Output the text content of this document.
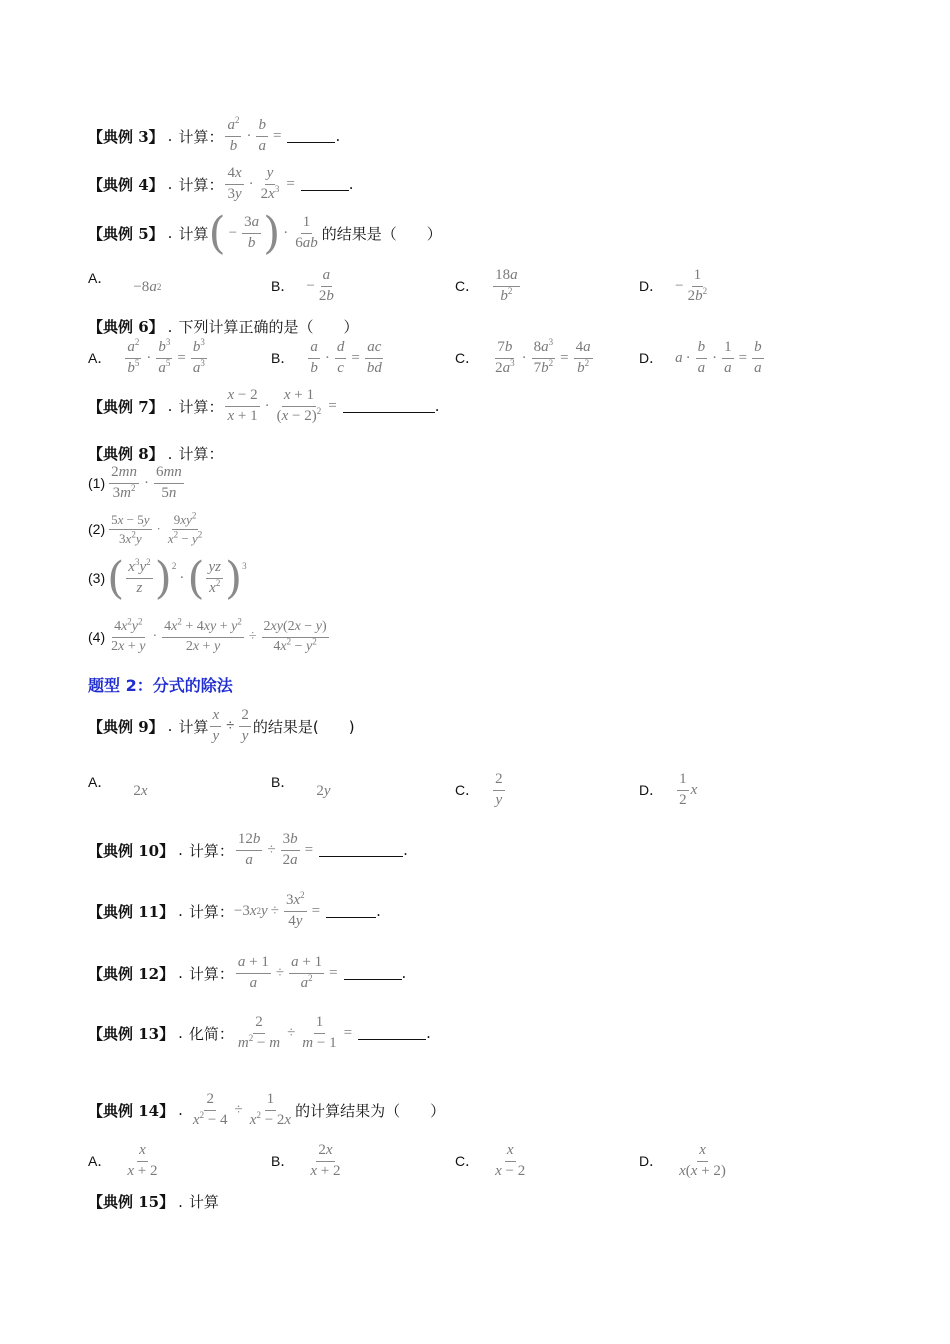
【典例 3】 . 计算： $\frac{a^2}{b} \cdot \frac{b}{a}$ =	.
【典例 4】 . 计算： $\frac{4x}{3y} \cdot \frac{y}{2x^3}$ =	.
【典例 5】 . 计算 ( − $\frac{3a}{b}$ ) · $\frac{1}{6ab}$ 的结果是（　　）
A．
−8 a 2	B． − $\frac{a}{2b}$	C． $\frac{18a}{b^2}$	D． − $\frac{1}{2b^2}$
【典例 6】 . 下列计算正确的是（　　）
A． $\frac{a^2}{b^5} \cdot \frac{b^3}{a^5} = \frac{b^3}{a^3}$	B． $\frac{a}{b} \cdot \frac{d}{c} = \frac{ac}{bd}$	C． $\frac{7b}{2a^3} \cdot \frac{8a^3}{7b^2} = \frac{4a}{b^2}$	D． $a \cdot \frac{b}{a} \cdot \frac{1}{a} = \frac{b}{a}$
【典例 7】 . 计算： $\frac{x - 2}{x + 1} \cdot \frac{x + 1}{(x - 2)^2}$ =	.
【典例 8】 . 计算：
$(1) \frac{2mn}{3m^2} \cdot \frac{6mn}{5n}$
$(2) \frac{5x - 5y}{3x^2y} \cdot \frac{9xy^2}{x^2 - y^2}$
(3) ( $\frac{x^3y^2}{z} )^2$
· ( $\frac{yz}{x^2} )^3$
$(4) \frac{4x^2y^2}{2x + y} \cdot \frac{4x^2 + 4xy + y^2}{2x + y} \div \frac{2xy(2x - y)}{4x^2 - y^2}$
题型 2：分式的除法
【典例 9】 . 计算 $\frac{x}{y} \div \frac{2}{y}$ 的结果是(　　)
A．
2 x
B．
2 y	C． $\frac{2}{y}$	D． $\frac{1}{2}$ x
【典例 10】 . 计算： $\frac{12b}{a} \div \frac{3b}{2a}$ =	.
【典例 11】 . 计算： −3 x 2 $y \div \frac{3x^2}{4y}$ =	.
【典例 12】 . 计算： $\frac{a + 1}{a} \div \frac{a + 1}{a^2}$ =	.
【典例 13】 . 化简： $\frac{2}{m^2 - m} \div \frac{1}{m - 1}$ =	.
【典例 14】 . $\frac{2}{x^2 - 4} \div \frac{1}{x^2 - 2x}$ 的计算结果为（　　）
A． $\frac{x}{x + 2}$	B． $\frac{2x}{x + 2}$	C． $\frac{x}{x - 2}$	D． $\frac{x}{x(x + 2)}$
【典例 15】 . 计算
